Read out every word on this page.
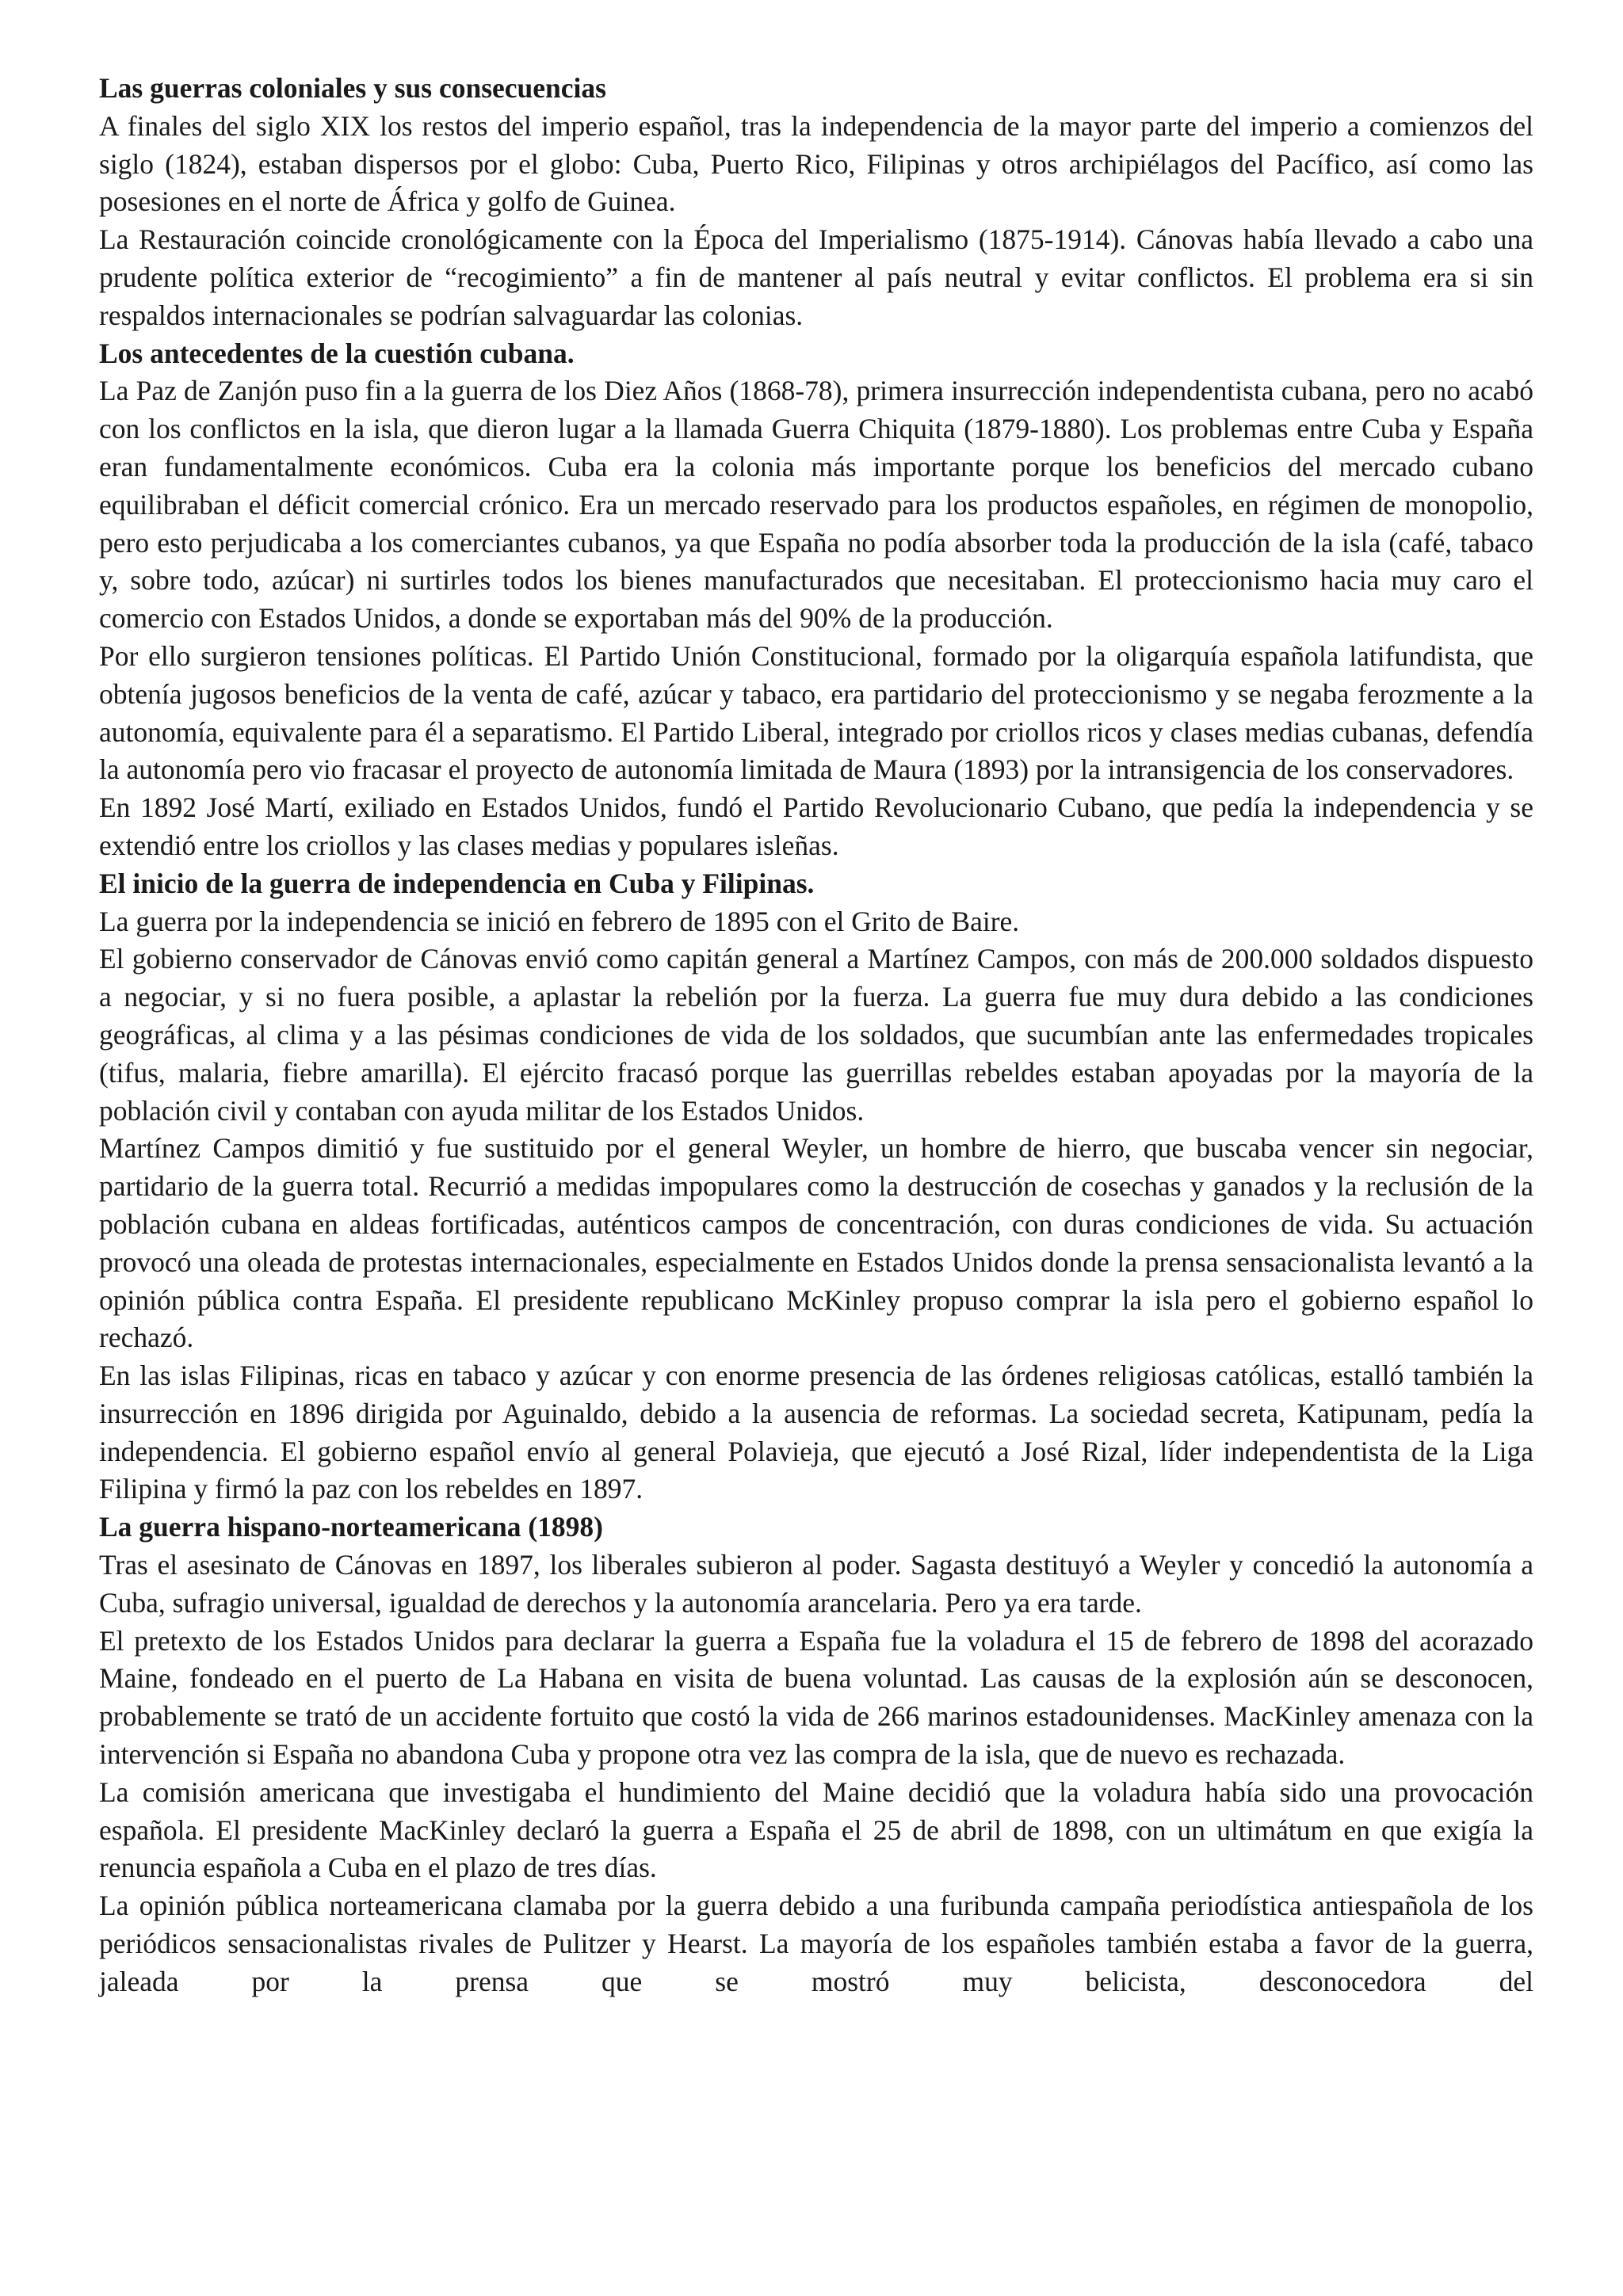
Las guerras coloniales y sus consecuencias

A finales del siglo XIX los restos del imperio español, tras la independencia de la mayor parte del imperio a comienzos del siglo (1824), estaban dispersos por el globo: Cuba, Puerto Rico, Filipinas y otros archipiélagos del Pacífico, así como las posesiones en el norte de África y golfo de Guinea.

La Restauración coincide cronológicamente con la Época del Imperialismo (1875-1914). Cánovas había llevado a cabo una prudente política exterior de “recogimiento” a fin de mantener al país neutral y evitar conflictos. El problema era si sin respaldos internacionales se podrían salvaguardar las colonias.

Los antecedentes de la cuestión cubana.

La Paz de Zanjón puso fin a la guerra de los Diez Años (1868-78), primera insurrección independentista cubana, pero no acabó con los conflictos en la isla, que dieron lugar a la llamada Guerra Chiquita (1879-1880). Los problemas entre Cuba y España eran fundamentalmente económicos. Cuba era la colonia más importante porque los beneficios del mercado cubano equilibraban el déficit comercial crónico. Era un mercado reservado para los productos españoles, en régimen de monopolio, pero esto perjudicaba a los comerciantes cubanos, ya que España no podía absorber toda la producción de la isla (café, tabaco y, sobre todo, azúcar) ni surtirles todos los bienes manufacturados que necesitaban. El proteccionismo hacia muy caro el comercio con Estados Unidos, a donde se exportaban más del 90% de la producción.

Por ello surgieron tensiones políticas. El Partido Unión Constitucional, formado por la oligarquía española latifundista, que obtenía jugosos beneficios de la venta de café, azúcar y tabaco, era partidario del proteccionismo y se negaba ferozmente a la autonomía, equivalente para él a separatismo. El Partido Liberal, integrado por criollos ricos y clases medias cubanas, defendía la autonomía pero vio fracasar el proyecto de autonomía limitada de Maura (1893) por la intransigencia de los conservadores.

En 1892 José Martí, exiliado en Estados Unidos, fundó el Partido Revolucionario Cubano, que pedía la independencia y se extendió entre los criollos y las clases medias y populares isleñas.

El inicio de la guerra de independencia en Cuba y Filipinas.

La guerra por la independencia se inició en febrero de 1895 con el Grito de Baire.

El gobierno conservador de Cánovas envió como capitán general a Martínez Campos, con más de 200.000 soldados dispuesto a negociar, y si no fuera posible, a aplastar la rebelión por la fuerza. La guerra fue muy dura debido a las condiciones geográficas, al clima y a las pésimas condiciones de vida de los soldados, que sucumbían ante las enfermedades tropicales (tifus, malaria, fiebre amarilla). El ejército fracasó porque las guerrillas rebeldes estaban apoyadas por la mayoría de la población civil y contaban con ayuda militar de los Estados Unidos.

Martínez Campos dimitió y fue sustituido por el general Weyler, un hombre de hierro, que buscaba vencer sin negociar, partidario de la guerra total. Recurrió a medidas impopulares como la destrucción de cosechas y ganados y la reclusión de la población cubana en aldeas fortificadas, auténticos campos de concentración, con duras condiciones de vida. Su actuación provocó una oleada de protestas internacionales, especialmente en Estados Unidos donde la prensa sensacionalista levantó a la opinión pública contra España. El presidente republicano McKinley propuso comprar la isla pero el gobierno español lo rechazó.

En las islas Filipinas, ricas en tabaco y azúcar y con enorme presencia de las órdenes religiosas católicas, estalló también la insurrección en 1896 dirigida por Aguinaldo, debido a la ausencia de reformas. La sociedad secreta, Katipunam, pedía la independencia. El gobierno español envío al general Polavieja, que ejecutó a José Rizal, líder independentista de la Liga Filipina y firmó la paz con los rebeldes en 1897.

La guerra hispano-norteamericana (1898)

Tras el asesinato de Cánovas en 1897, los liberales subieron al poder. Sagasta destituyó a Weyler y concedió la autonomía a Cuba, sufragio universal, igualdad de derechos y la autonomía arancelaria. Pero ya era tarde.

El pretexto de los Estados Unidos para declarar la guerra a España fue la voladura el 15 de febrero de 1898 del acorazado Maine, fondeado en el puerto de La Habana en visita de buena voluntad. Las causas de la explosión aún se desconocen, probablemente se trató de un accidente fortuito que costó la vida de 266 marinos estadounidenses. MacKinley amenaza con la intervención si España no abandona Cuba y propone otra vez las compra de la isla, que de nuevo es rechazada.

La comisión americana que investigaba el hundimiento del Maine decidió que la voladura había sido una provocación española. El presidente MacKinley declaró la guerra a España el 25 de abril de 1898, con un ultimátum en que exigía la renuncia española a Cuba en el plazo de tres días.

La opinión pública norteamericana clamaba por la guerra debido a una furibunda campaña periodística antiespañola de los periódicos sensacionalistas rivales de Pulitzer y Hearst. La mayoría de los españoles también estaba a favor de la guerra, jaleada por la prensa que se mostró muy belicista, desconocedora del
